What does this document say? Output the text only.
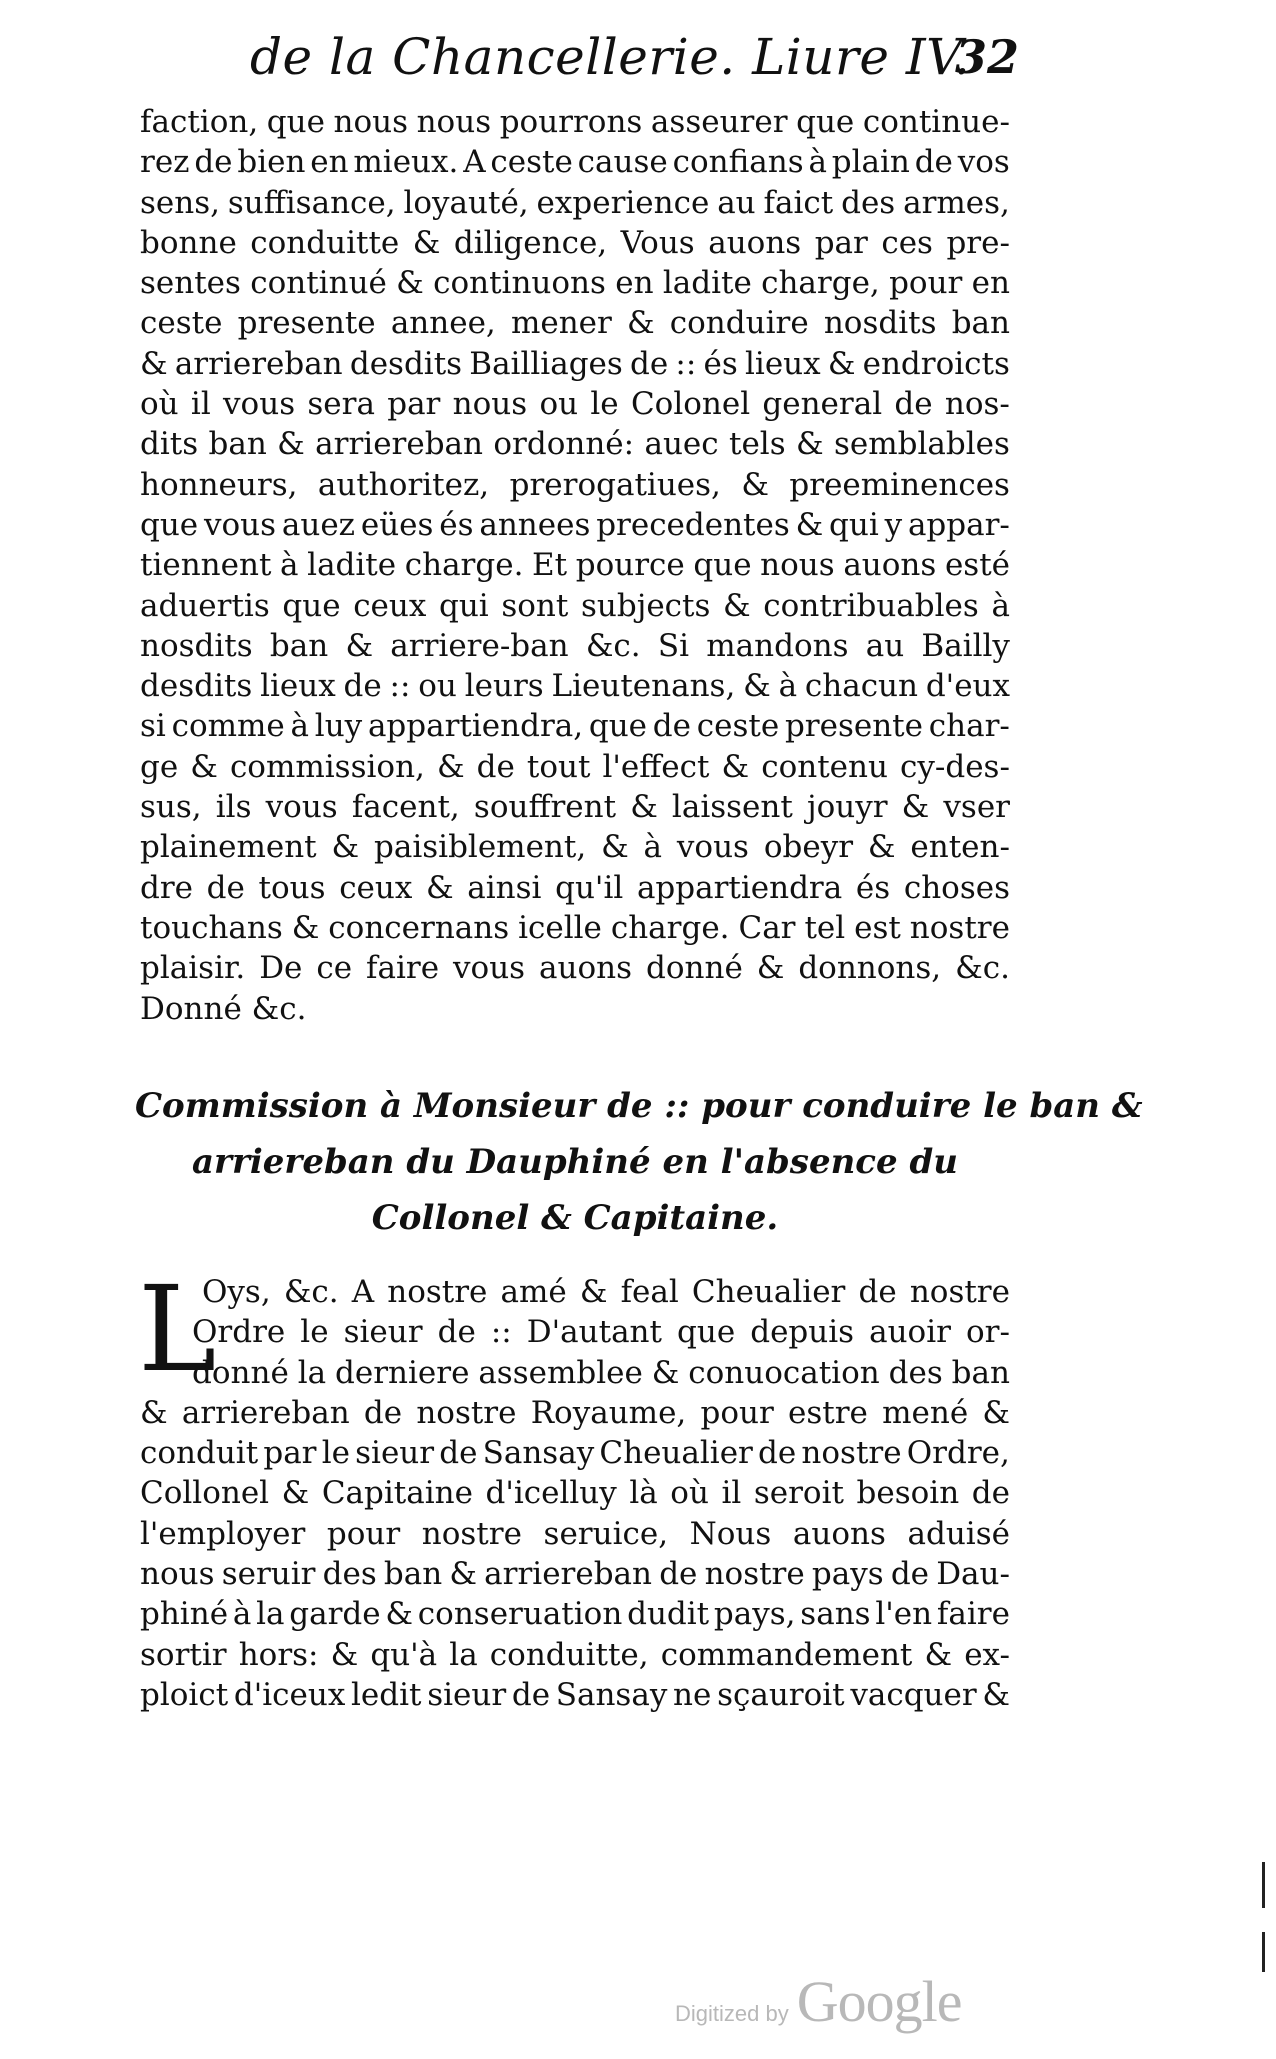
de la Chancellerie. Liure IV.
32
faction, que nous nous pourrons asseurer que continue-
rez de bien en mieux. A ceste cause confians à plain de vos
sens, suffisance, loyauté, experience au faict des armes,
bonne conduitte & diligence, Vous auons par ces pre-
sentes continué & continuons en ladite charge, pour en
ceste presente annee, mener & conduire nosdits ban
& arriereban desdits Bailliages de :: és lieux & endroicts
où il vous sera par nous ou le Colonel general de nos-
dits ban & arriereban ordonné: auec tels & semblables
honneurs, authoritez, prerogatiues, & preeminences
que vous auez eües és annees precedentes & qui y appar-
tiennent à ladite charge. Et pource que nous auons esté
aduertis que ceux qui sont subjects & contribuables à
nosdits ban & arriere-ban &c. Si mandons au Bailly
desdits lieux de :: ou leurs Lieutenans, & à chacun d'eux
si comme à luy appartiendra, que de ceste presente char-
ge & commission, & de tout l'effect & contenu cy-des-
sus, ils vous facent, souffrent & laissent jouyr & vser
plainement & paisiblement, & à vous obeyr & enten-
dre de tous ceux & ainsi qu'il appartiendra és choses
touchans & concernans icelle charge. Car tel est nostre
plaisir. De ce faire vous auons donné & donnons, &c.
Donné &c.
Commission à Monsieur de :: pour conduire le ban &
arriereban du Dauphiné en l'absence du
Collonel & Capitaine.
L
Oys, &c. A nostre amé & feal Cheualier de nostre
Ordre le sieur de :: D'autant que depuis auoir or-
donné la derniere assemblee & conuocation des ban
& arriereban de nostre Royaume, pour estre mené &
conduit par le sieur de Sansay Cheualier de nostre Ordre,
Collonel & Capitaine d'icelluy là où il seroit besoin de
l'employer pour nostre seruice, Nous auons aduisé
nous seruir des ban & arriereban de nostre pays de Dau-
phiné à la garde & conseruation dudit pays, sans l'en faire
sortir hors: & qu'à la conduitte, commandement & ex-
ploict d'iceux ledit sieur de Sansay ne sçauroit vacquer &
Digitized by Google
